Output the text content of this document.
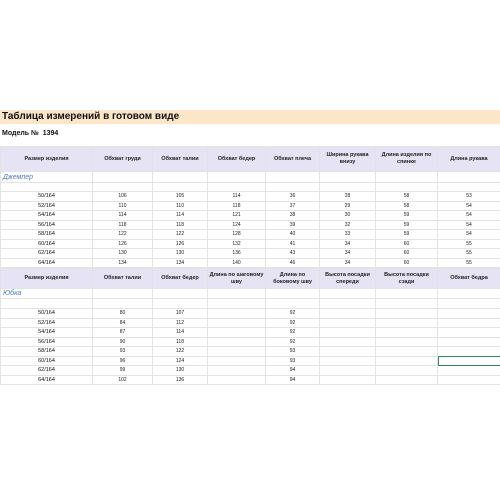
Таблица измерений в готовом виде
Модель № 1394
Размер изделия	Обхват груди	Обхват талии	Обхват бедер	Обхват плеча	Ширина рукава внизу	Длина изделия по спинке	Длина рукава
Джемпер							

50/164	106	105	114	36	28	58	53
52/164	110	110	118	37	29	58	54
54/164	114	114	121	38	30	59	54
56/164	118	118	124	39	32	59	54
58/164	122	122	128	40	33	59	54
60/164	126	126	132	41	34	60	55
62/164	130	130	136	43	34	60	55
64/164	134	134	140	46	34	60	55
Размер изделия	Обхват талии	Обхват бедер	Длина по шаговому шву	Длина по боковому шву	Высота посадки спереди	Высота посадки сзади	Обхват бедра
Юбка							

50/164	80	107		92			
52/164	84	112		92			
54/164	87	114		92			
56/164	90	118		92			
58/164	93	122		93			
60/164	96	124		93			
62/164	99	130		94			
64/164	102	136		94			
